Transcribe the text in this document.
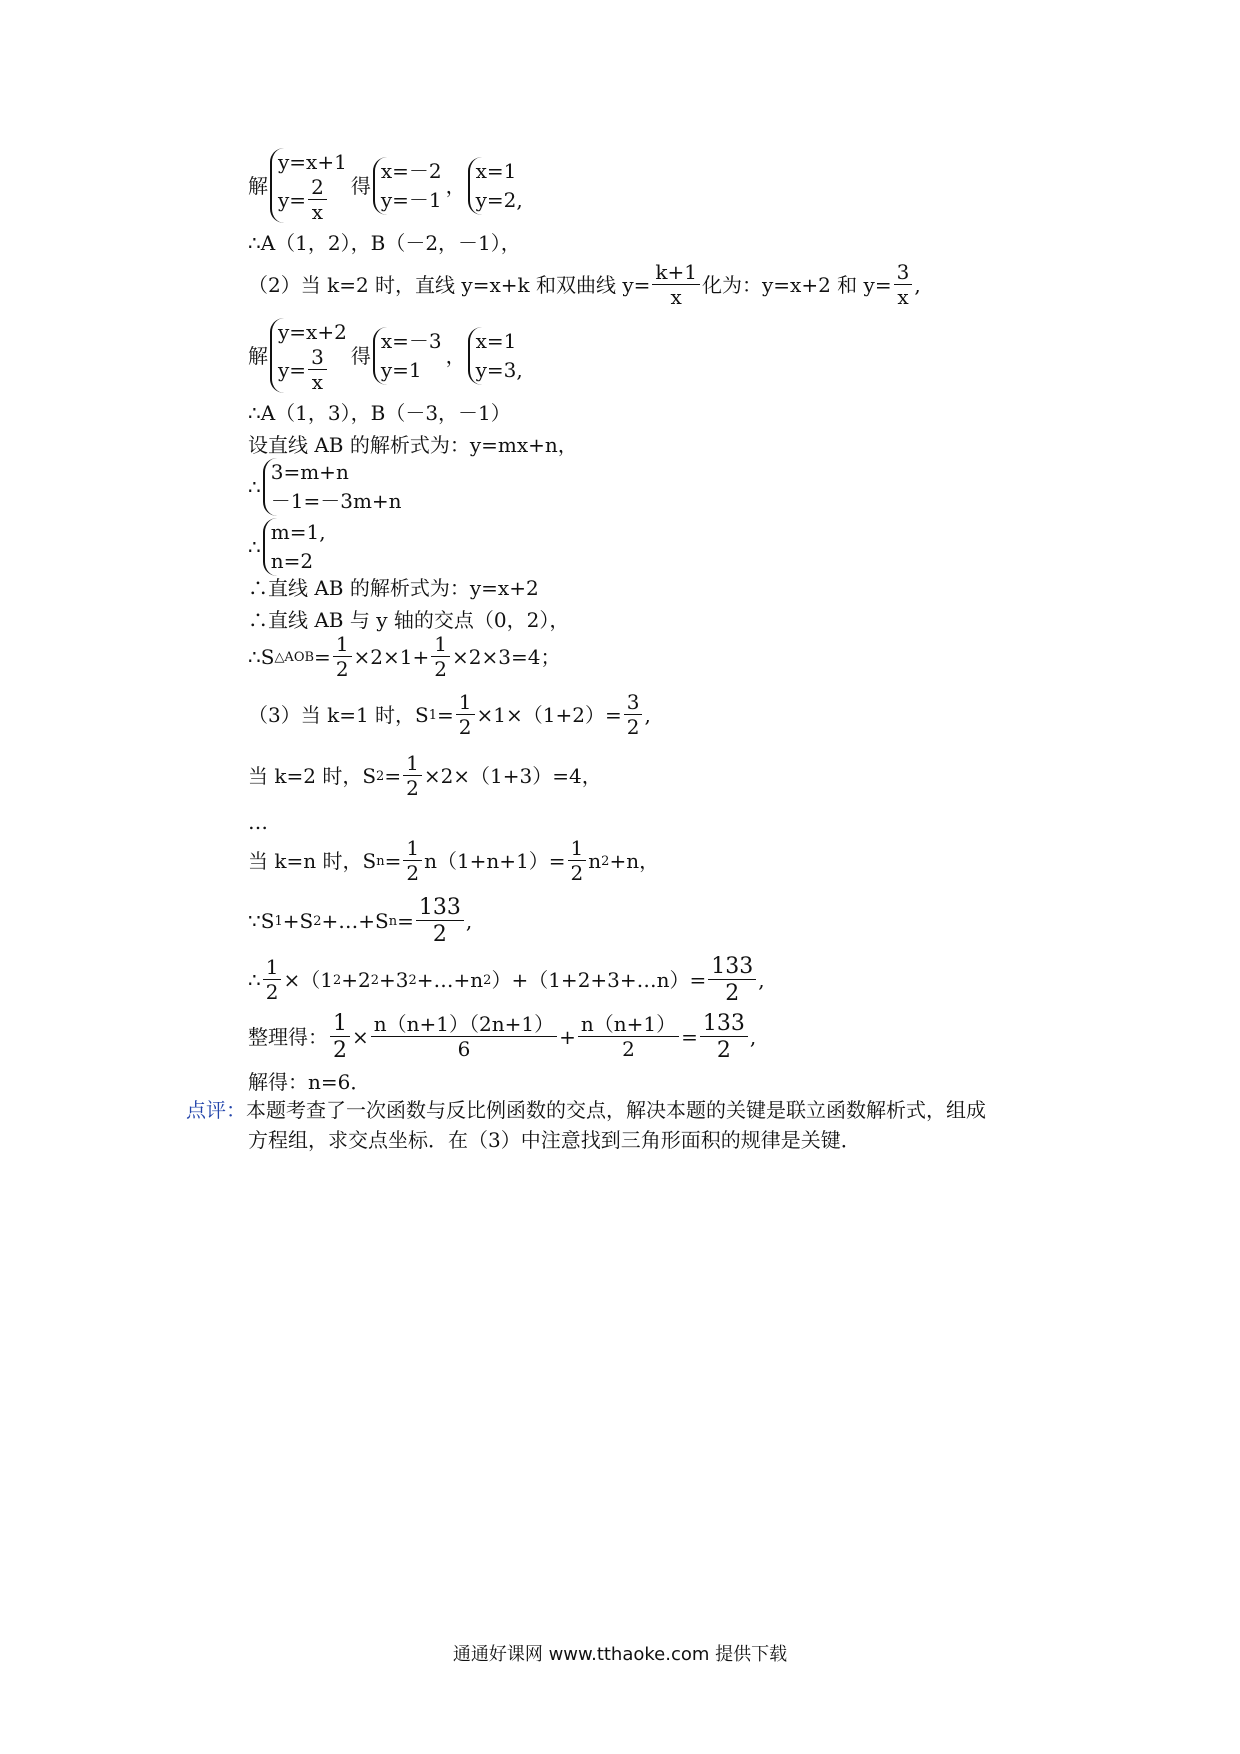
解
y=x+1
$y= \frac{2}{x}$ 得
x=－2
y=－1
，
x=1
y=2,
∴A（1，2），B（－2，－1），
（2）当 k=2 时，直线 y=x+k 和双曲线 $y= \frac{k+1}{x}$ 化为：y=x+2 和 $y= \frac{3}{x}$ ,
解
y=x+2
$y= \frac{3}{x}$ 得
x=－3
y=1
，
x=1
y=3,
∴A（1，3），B（－3，－1）
设直线 AB 的解析式为：y=mx+n，
∴
3=m+n
－1=－3m+n
∴
m=1,
n=2
∴直线 AB 的解析式为：y=x+2
∴直线 AB 与 y 轴的交点（0，2），
∴S △AOB = $\frac{1}{2} \times 2\times 1+ \frac{1}{2} \times 2\times 3=4$；
（3）当 k=1 时，S $1 = \frac{1}{2} \times 1\times(1+2)= \frac{3}{2}$ ,
当 k=2 时，S $2 = \frac{1}{2} \times 2\times(1+3)=4$，
…
当 k=n 时，S $n = \frac{1}{2} n(1+n+1)= \frac{1}{2}$ n 2 +n，
∵S 1 +S 2 +…+S $n = \frac{133}{2}$ ,
∴ $\frac{1}{2} \times(1$ 2 +2 2 +3 2 +…+n 2 ）+（1+2+3+…n）= $\frac{133}{2}$ ,
整理得： $\frac{1}{2} \times \frac{n(n+1)(2n+1)}{6} + \frac{n(n+1)}{2} = \frac{133}{2}$ ,
解得：n=6．
点评： 本题考查了一次函数与反比例函数的交点，解决本题的关键是联立函数解析式，组成
方程组，求交点坐标．在（3）中注意找到三角形面积的规律是关键．
通通好课网 www.tthaoke.com 提供下载
